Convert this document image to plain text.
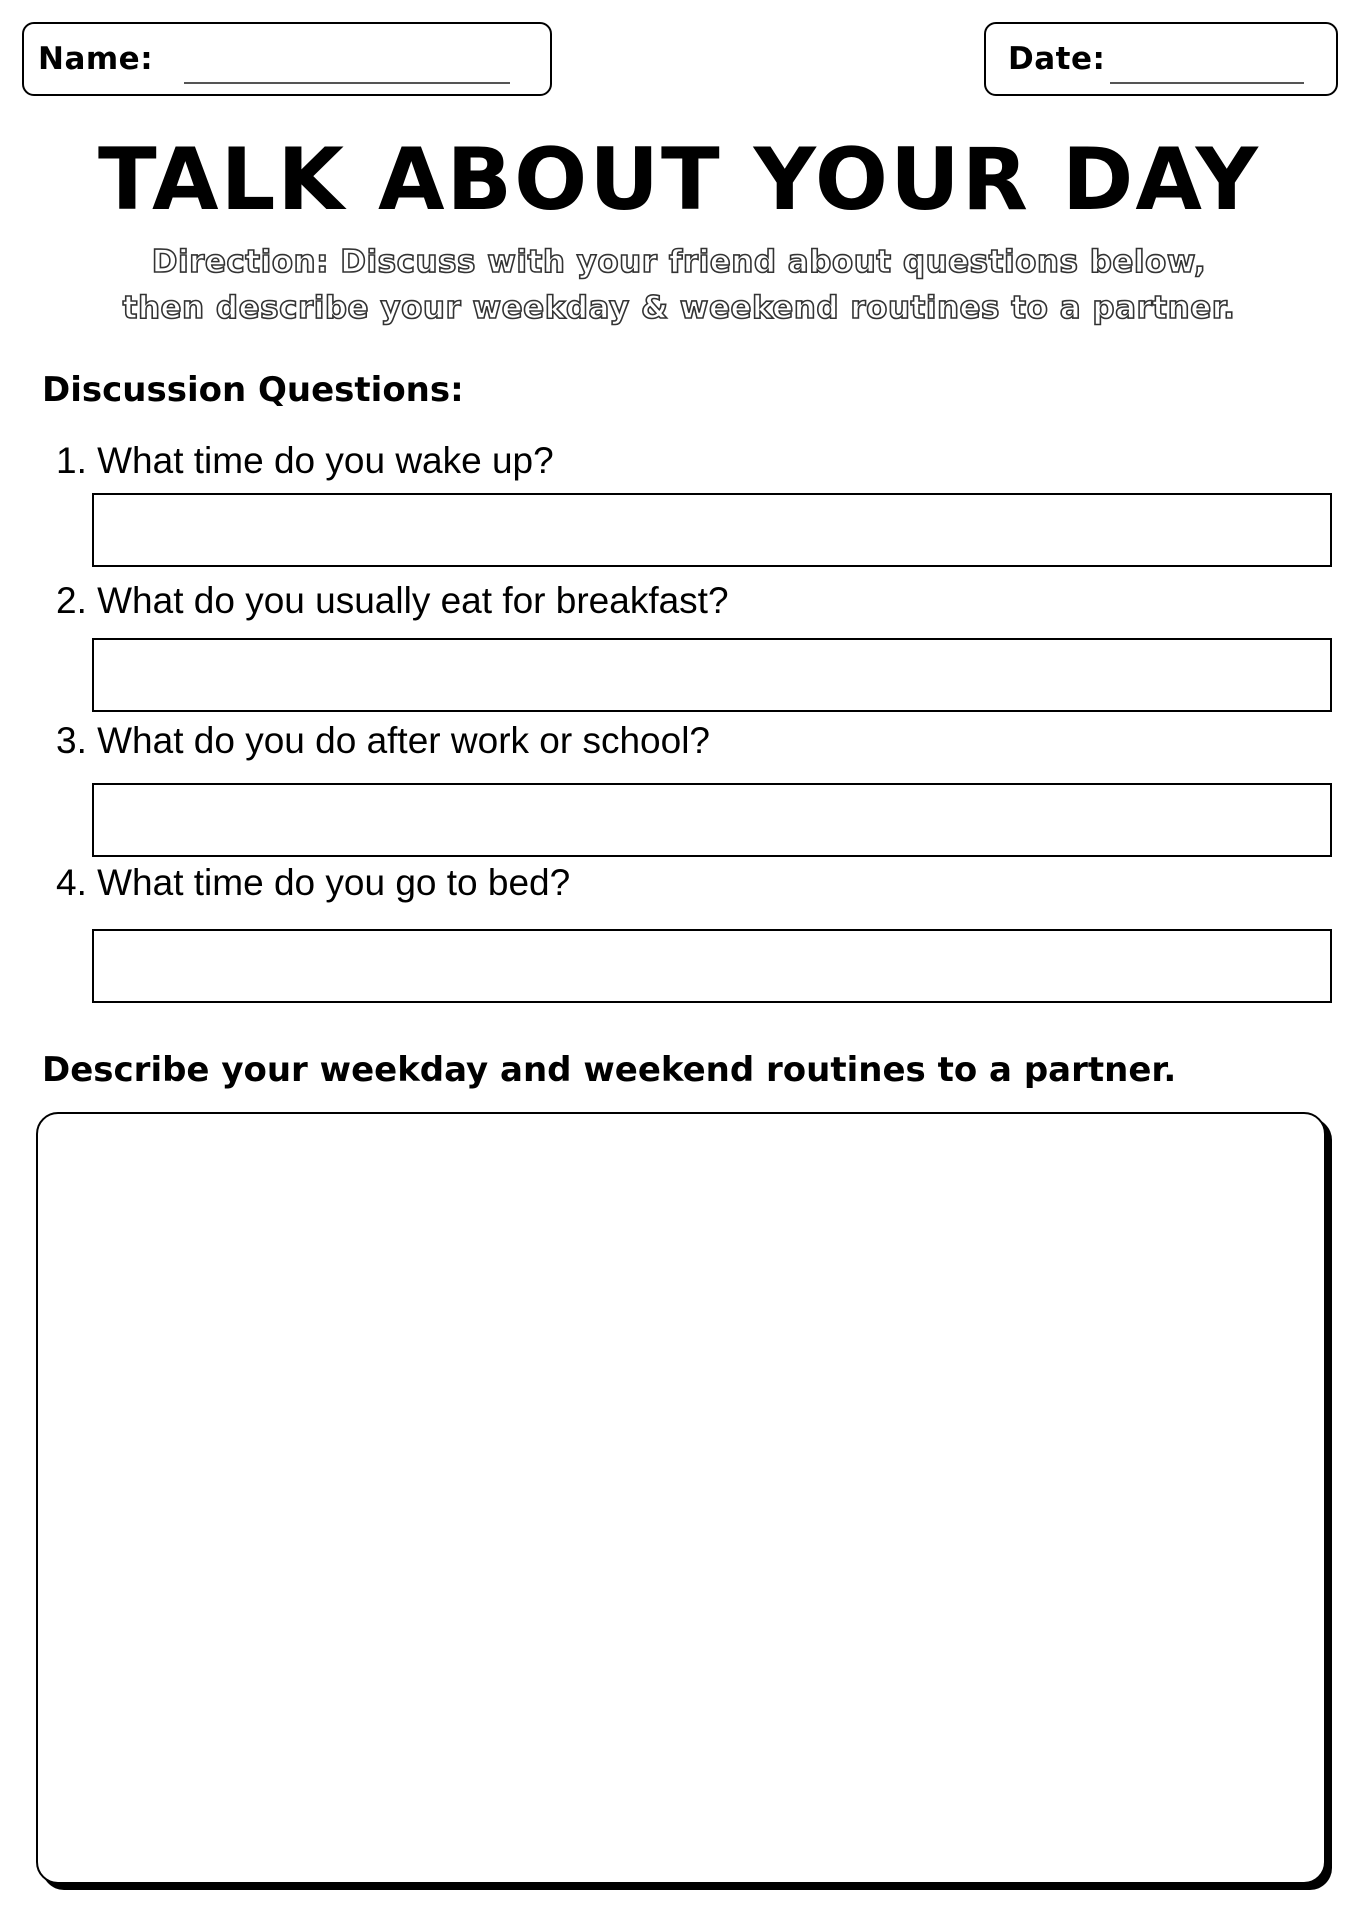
Name:	Date:
TALK ABOUT YOUR DAY
Direction: Discuss with your friend about questions below,
then describe your weekday & weekend routines to a partner.
Discussion Questions:
1. What time do you wake up?
2. What do you usually eat for breakfast?
3. What do you do after work or school?
4. What time do you go to bed?
Describe your weekday and weekend routines to a partner.
